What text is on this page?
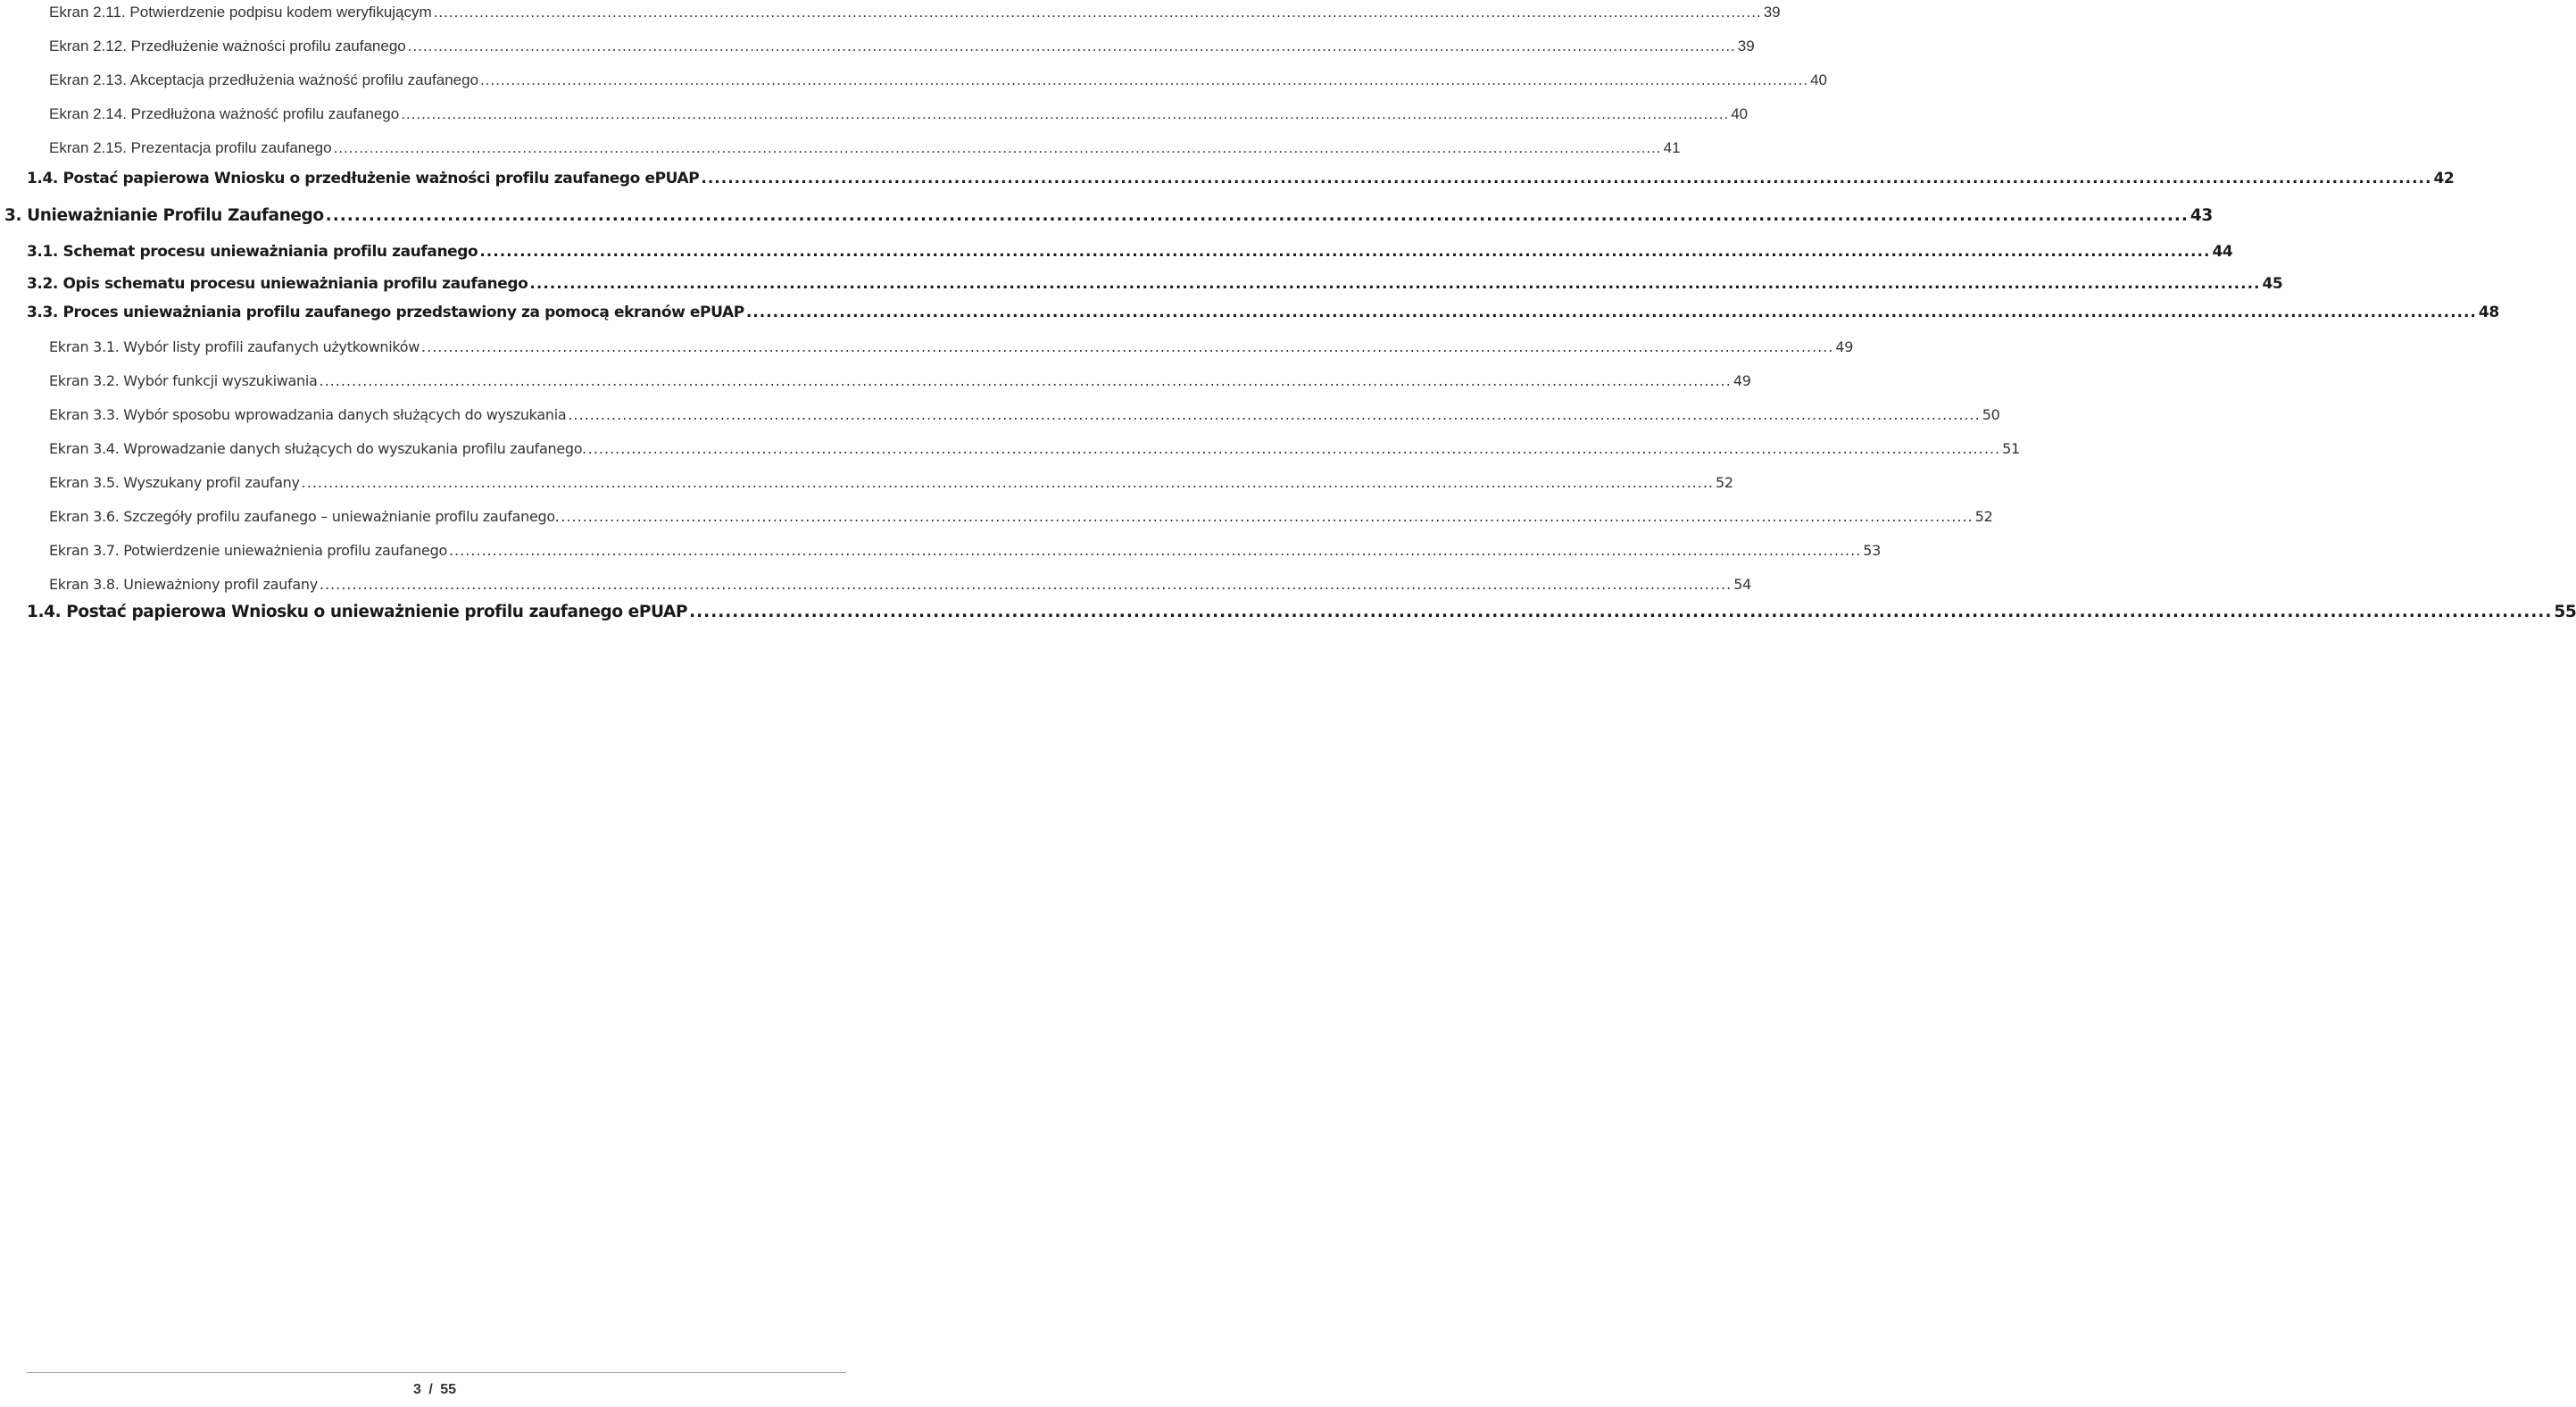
Ekran 2.11. Potwierdzenie podpisu kodem weryfikującym .................................................................................................................................................................................................................................................................... 39
Ekran 2.12. Przedłużenie ważności profilu zaufanego .................................................................................................................................................................................................................................................................... 39
Ekran 2.13. Akceptacja przedłużenia ważność profilu zaufanego .................................................................................................................................................................................................................................................................... 40
Ekran 2.14. Przedłużona ważność profilu zaufanego .................................................................................................................................................................................................................................................................... 40
Ekran 2.15. Prezentacja profilu zaufanego .................................................................................................................................................................................................................................................................... 41
1.4. Postać papierowa Wniosku o przedłużenie ważności profilu zaufanego ePUAP .................................................................................................................................................................................................................................................................... 42
3. Unieważnianie Profilu Zaufanego .................................................................................................................................................................................................................................................................... 43
3.1. Schemat procesu unieważniania profilu zaufanego .................................................................................................................................................................................................................................................................... 44
3.2. Opis schematu procesu unieważniania profilu zaufanego .................................................................................................................................................................................................................................................................... 45
3.3. Proces unieważniania profilu zaufanego przedstawiony za pomocą ekranów ePUAP .................................................................................................................................................................................................................................................................... 48
Ekran 3.1. Wybór listy profili zaufanych użytkowników .................................................................................................................................................................................................................................................................... 49
Ekran 3.2. Wybór funkcji wyszukiwania .................................................................................................................................................................................................................................................................... 49
Ekran 3.3. Wybór sposobu wprowadzania danych służących do wyszukania .................................................................................................................................................................................................................................................................... 50
Ekran 3.4. Wprowadzanie danych służących do wyszukania profilu zaufanego. .................................................................................................................................................................................................................................................................... 51
Ekran 3.5. Wyszukany profil zaufany .................................................................................................................................................................................................................................................................... 52
Ekran 3.6. Szczegóły profilu zaufanego – unieważnianie profilu zaufanego. .................................................................................................................................................................................................................................................................... 52
Ekran 3.7. Potwierdzenie unieważnienia profilu zaufanego .................................................................................................................................................................................................................................................................... 53
Ekran 3.8. Unieważniony profil zaufany .................................................................................................................................................................................................................................................................... 54
1.4. Postać papierowa Wniosku o unieważnienie profilu zaufanego ePUAP .................................................................................................................................................................................................................................................................... 55
3 / 55
